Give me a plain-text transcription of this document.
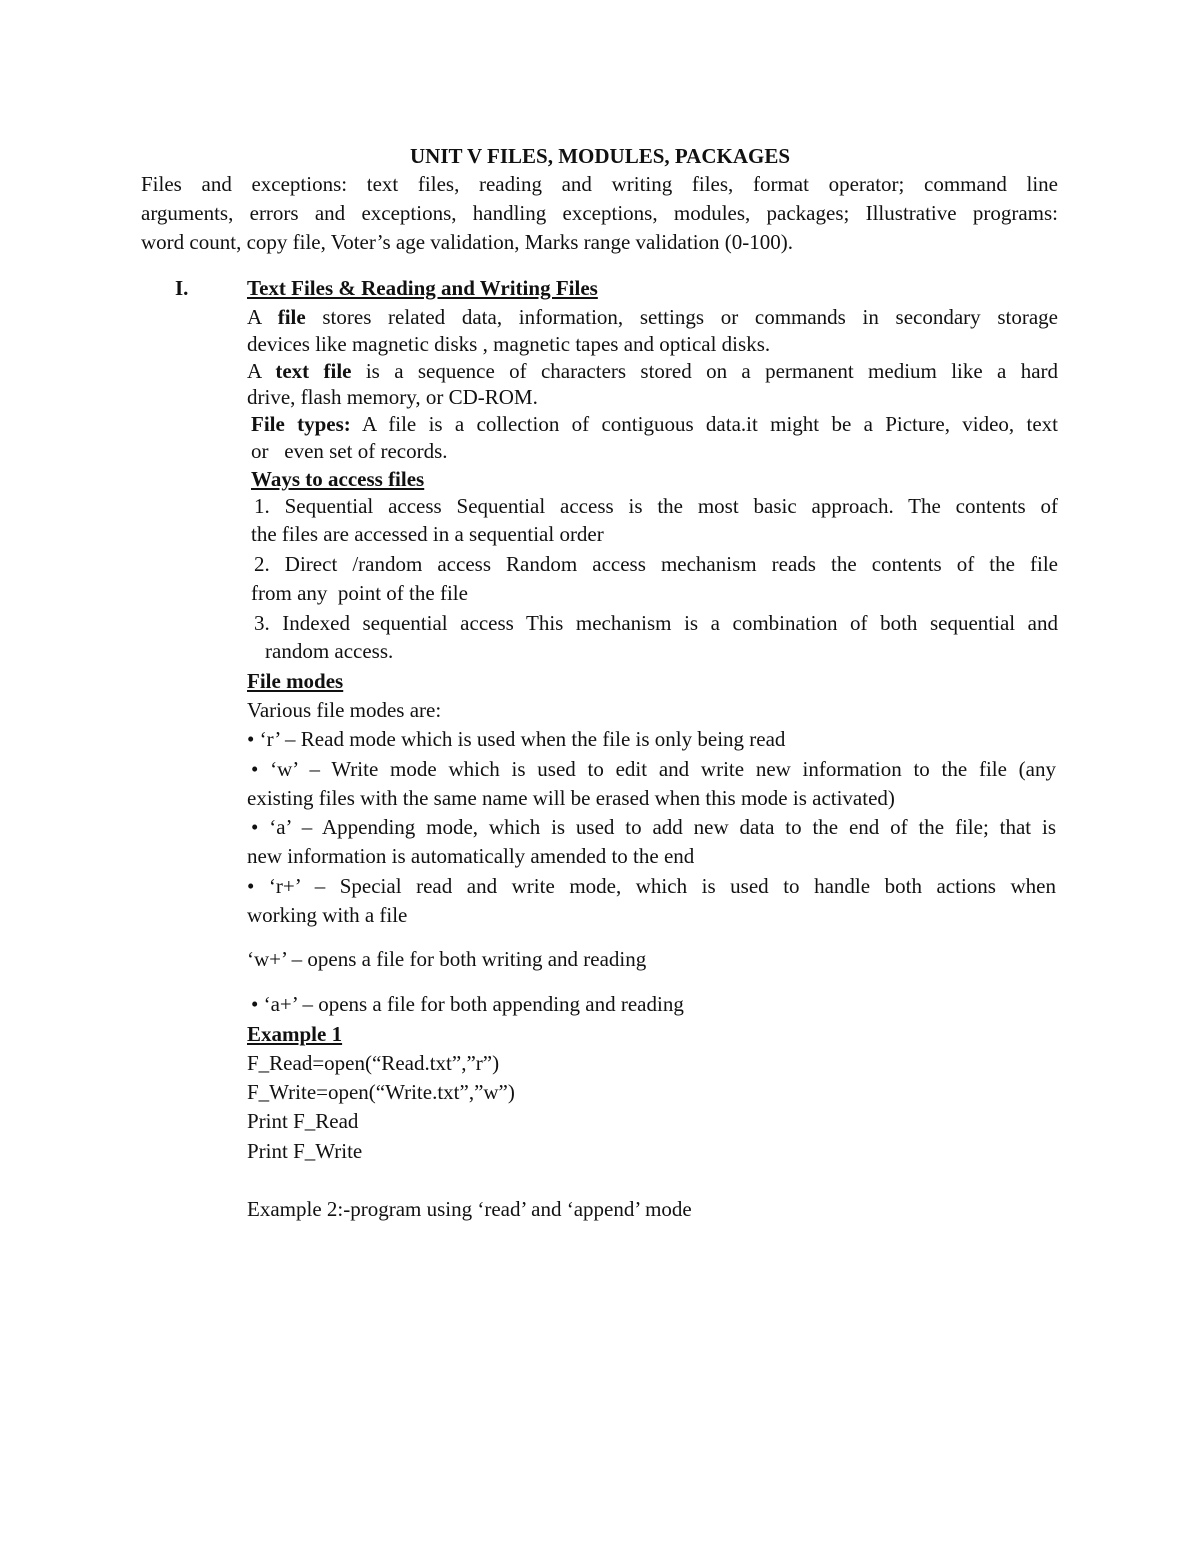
UNIT V FILES, MODULES, PACKAGES
Files and exceptions: text files, reading and writing files, format operator; command line
arguments, errors and exceptions, handling exceptions, modules, packages; Illustrative programs:
word count, copy file, Voter’s age validation, Marks range validation (0-100).
I.	Text Files & Reading and Writing Files
A file stores related data, information, settings or commands in secondary storage
devices like magnetic disks , magnetic tapes and optical disks.
A text file is a sequence of characters stored on a permanent medium like a hard
drive, flash memory, or CD-ROM.
File types: A file is a collection of contiguous data.it might be a Picture, video, text
or   even set of records.
Ways to access files
1. Sequential access Sequential access is the most basic approach. The contents of
the files are accessed in a sequential order
2. Direct /random access Random access mechanism reads the contents of the file
from any  point of the file
3. Indexed sequential access This mechanism is a combination of both sequential and
random access.
File modes
Various file modes are:
• ‘r’ – Read mode which is used when the file is only being read
• ‘w’ – Write mode which is used to edit and write new information to the file (any
existing files with the same name will be erased when this mode is activated)
• ‘a’ – Appending mode, which is used to add new data to the end of the file; that is
new information is automatically amended to the end
• ‘r+’ – Special read and write mode, which is used to handle both actions when
working with a file
‘w+’ – opens a file for both writing and reading
• ‘a+’ – opens a file for both appending and reading
Example 1
F_Read=open(“Read.txt”,”r”)
F_Write=open(“Write.txt”,”w”)
Print F_Read
Print F_Write
Example 2:-program using ‘read’ and ‘append’ mode
